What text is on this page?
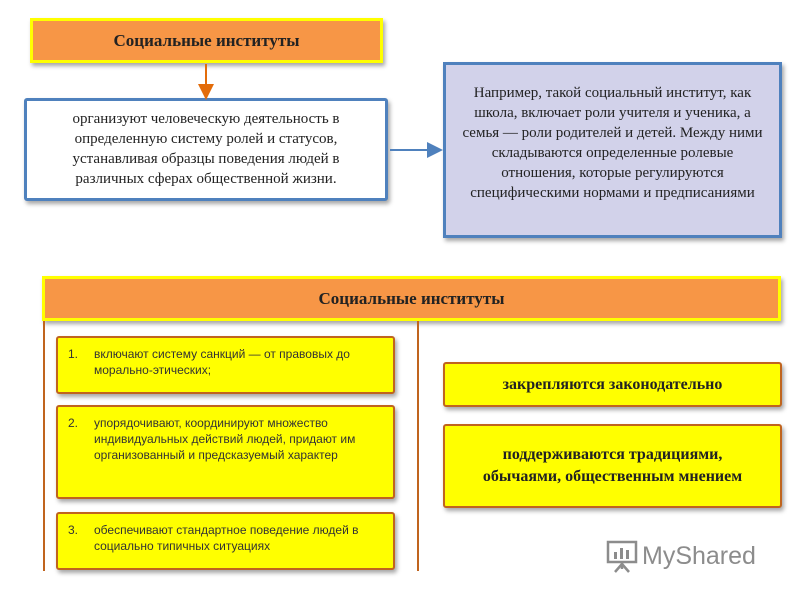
Социальные институты
организуют человеческую деятельность в определенную систему ролей и статусов, устанавливая образцы поведения людей в различных сферах общественной жизни.
Например, такой социальный институт, как школа, включает роли учителя и ученика, а семья — роли родителей и детей. Между ними складываются определенные ролевые отношения, которые регулируются специфическими нормами и предписаниями
Социальные институты
1.	включают систему санкций — от правовых до морально-этических;
2.	упорядочивают, координируют множество индивидуальных действий людей, придают им организованный и предсказуемый характер
3.	обеспечивают стандартное поведение людей в социально типичных ситуациях
закрепляются законодательно
поддерживаются традициями, обычаями, общественным мнением
MyShared
